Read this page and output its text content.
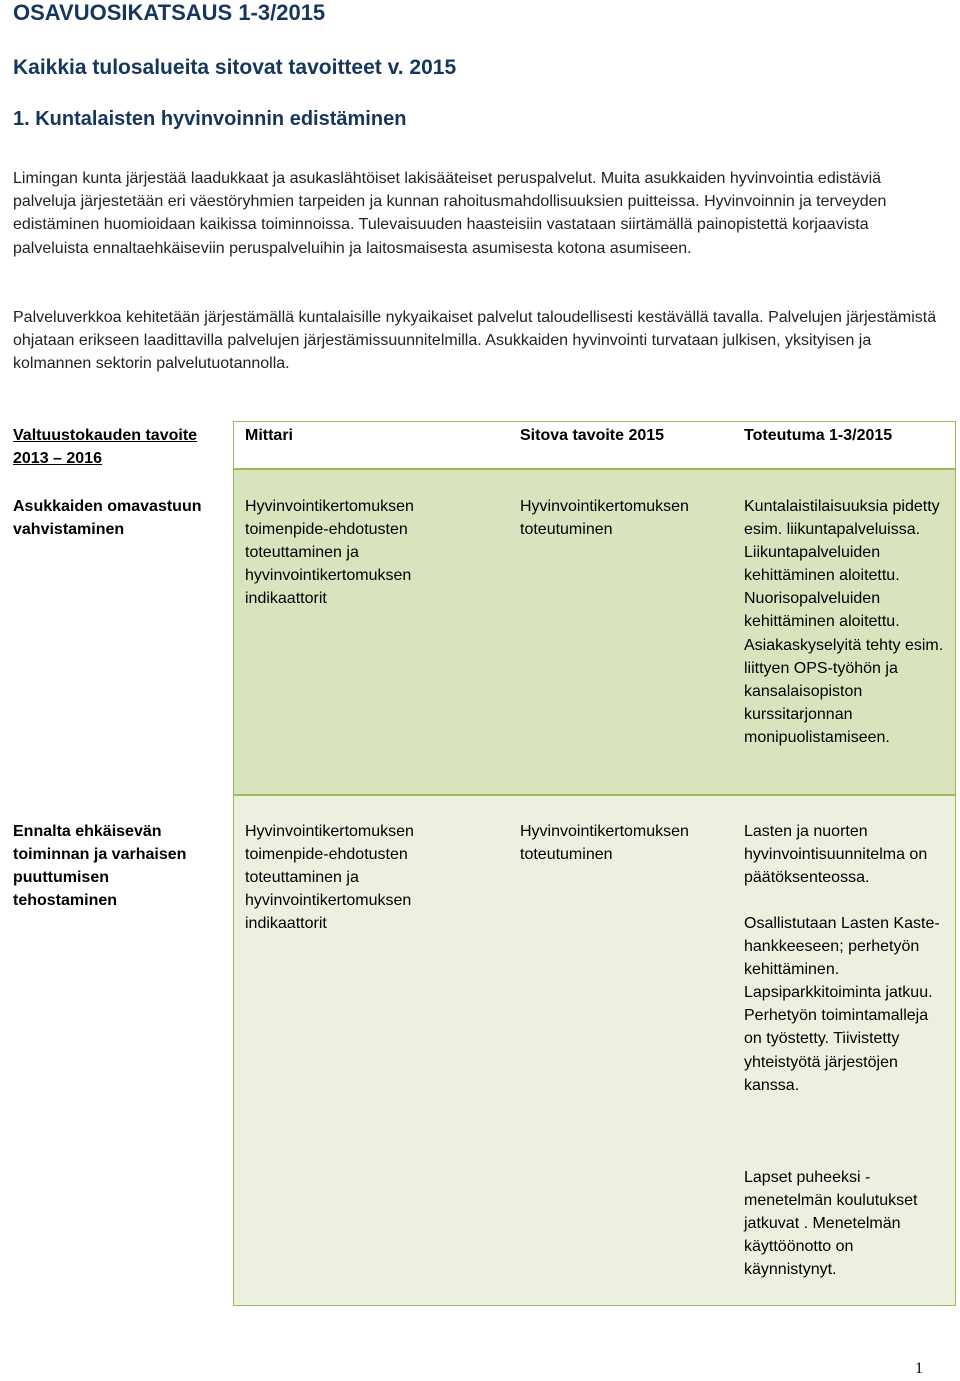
OSAVUOSIKATSAUS 1-3/2015
Kaikkia tulosalueita sitovat tavoitteet v. 2015
1. Kuntalaisten hyvinvoinnin edistäminen
Limingan kunta järjestää laadukkaat ja asukaslähtöiset lakisääteiset peruspalvelut. Muita asukkaiden hyvinvointia edistäviä palveluja järjestetään eri väestöryhmien tarpeiden ja kunnan rahoitusmahdollisuuksien puitteissa. Hyvinvoinnin ja terveyden edistäminen huomioidaan kaikissa toiminnoissa. Tulevaisuuden haasteisiin vastataan siirtämällä painopistettä korjaavista palveluista ennaltaehkäiseviin peruspalveluihin ja laitosmaisesta asumisesta kotona asumiseen.
Palveluverkkoa kehitetään järjestämällä kuntalaisille nykyaikaiset palvelut taloudellisesti kestävällä tavalla. Palvelujen järjestämistä ohjataan erikseen laadittavilla palvelujen järjestämissuunnitelmilla. Asukkaiden hyvinvointi turvataan julkisen, yksityisen ja kolmannen sektorin palvelutuotannolla.
Valtuustokauden tavoite
2013 – 2016
Mittari	Sitova tavoite 2015	Toteutuma 1-3/2015
Asukkaiden omavastuun vahvistaminen
Hyvinvointikertomuksen toimenpide-ehdotusten toteuttaminen ja hyvinvointikertomuksen indikaattorit
Hyvinvointikertomuksen toteutuminen
Kuntalaistilaisuuksia pidetty esim. liikuntapalveluissa. Liikuntapalveluiden kehittäminen aloitettu. Nuorisopalveluiden kehittäminen aloitettu. Asiakaskyselyitä tehty esim. liittyen OPS-työhön ja kansalaisopiston kurssitarjonnan monipuolistamiseen.
Ennalta ehkäisevän toiminnan ja varhaisen puuttumisen tehostaminen
Hyvinvointikertomuksen toimenpide-ehdotusten toteuttaminen ja hyvinvointikertomuksen indikaattorit
Hyvinvointikertomuksen toteutuminen
Lasten ja nuorten hyvinvointisuunnitelma on päätöksenteossa.
Osallistutaan Lasten Kaste-hankkeeseen; perhetyön kehittäminen. Lapsiparkkitoiminta jatkuu. Perhetyön toimintamalleja on työstetty. Tiivistetty yhteistyötä järjestöjen kanssa.
Lapset puheeksi -menetelmän koulutukset jatkuvat . Menetelmän käyttöönotto on käynnistynyt.
1
